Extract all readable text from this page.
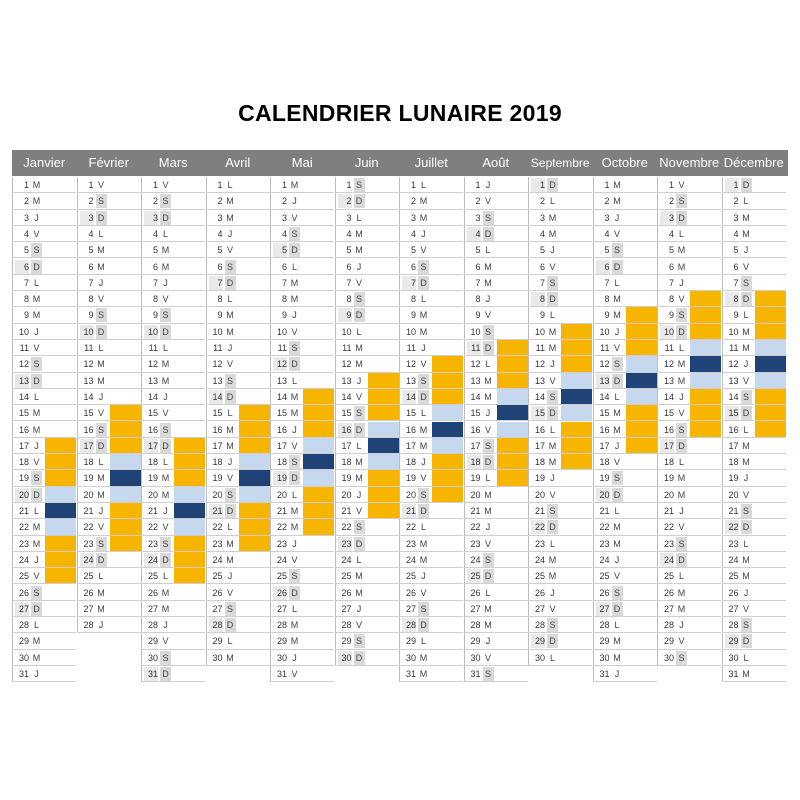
CALENDRIER LUNAIRE 2019
Janvier
1 M
2 M
3 J
4 V
5 S
6 D
7 L
8 M
9 M
10 J
11 V
12 S
13 D
14 L
15 M
16 M
17 J
18 V
19 S
20 D
21 L
22 M
23 M
24 J
25 V
26 S
27 D
28 L
29 M
30 M
31 J
Février
1 V
2 S
3 D
4 L
5 M
6 M
7 J
8 V
9 S
10 D
11 L
12 M
13 M
14 J
15 V
16 S
17 D
18 L
19 M
20 M
21 J
22 V
23 S
24 D
25 L
26 M
27 M
28 J
Mars
1 V
2 S
3 D
4 L
5 M
6 M
7 J
8 V
9 S
10 D
11 L
12 M
13 M
14 J
15 V
16 S
17 D
18 L
19 M
20 M
21 J
22 V
23 S
24 D
25 L
26 M
27 M
28 J
29 V
30 S
31 D
Avril
1 L
2 M
3 M
4 J
5 V
6 S
7 D
8 L
9 M
10 M
11 J
12 V
13 S
14 D
15 L
16 M
17 M
18 J
19 V
20 S
21 D
22 L
23 M
24 M
25 J
26 V
27 S
28 D
29 L
30 M
Mai
1 M
2 J
3 V
4 S
5 D
6 L
7 M
8 M
9 J
10 V
11 S
12 D
13 L
14 M
15 M
16 J
17 V
18 S
19 D
20 L
21 M
22 M
23 J
24 V
25 S
26 D
27 L
28 M
29 M
30 J
31 V
Juin
1 S
2 D
3 L
4 M
5 M
6 J
7 V
8 S
9 D
10 L
11 M
12 M
13 J
14 V
15 S
16 D
17 L
18 M
19 M
20 J
21 V
22 S
23 D
24 L
25 M
26 M
27 J
28 V
29 S
30 D
Juillet
1 L
2 M
3 M
4 J
5 V
6 S
7 D
8 L
9 M
10 M
11 J
12 V
13 S
14 D
15 L
16 M
17 M
18 J
19 V
20 S
21 D
22 L
23 M
24 M
25 J
26 V
27 S
28 D
29 L
30 M
31 M
Août
1 J
2 V
3 S
4 D
5 L
6 M
7 M
8 J
9 V
10 S
11 D
12 L
13 M
14 M
15 J
16 V
17 S
18 D
19 L
20 M
21 M
22 J
23 V
24 S
25 D
26 L
27 M
28 M
29 J
30 V
31 S
Septembre
1 D
2 L
3 M
4 M
5 J
6 V
7 S
8 D
9 L
10 M
11 M
12 J
13 V
14 S
15 D
16 L
17 M
18 M
19 J
20 V
21 S
22 D
23 L
24 M
25 M
26 J
27 V
28 S
29 D
30 L
Octobre
1 M
2 M
3 J
4 V
5 S
6 D
7 L
8 M
9 M
10 J
11 V
12 S
13 D
14 L
15 M
16 M
17 J
18 V
19 S
20 D
21 L
22 M
23 M
24 J
25 V
26 S
27 D
28 L
29 M
30 M
31 J
Novembre
1 V
2 S
3 D
4 L
5 M
6 M
7 J
8 V
9 S
10 D
11 L
12 M
13 M
14 J
15 V
16 S
17 D
18 L
19 M
20 M
21 J
22 V
23 S
24 D
25 L
26 M
27 M
28 J
29 V
30 S
Décembre
1 D
2 L
3 M
4 M
5 J
6 V
7 S
8 D
9 L
10 M
11 M
12 J
13 V
14 S
15 D
16 L
17 M
18 M
19 J
20 V
21 S
22 D
23 L
24 M
25 M
26 J
27 V
28 S
29 D
30 L
31 M
